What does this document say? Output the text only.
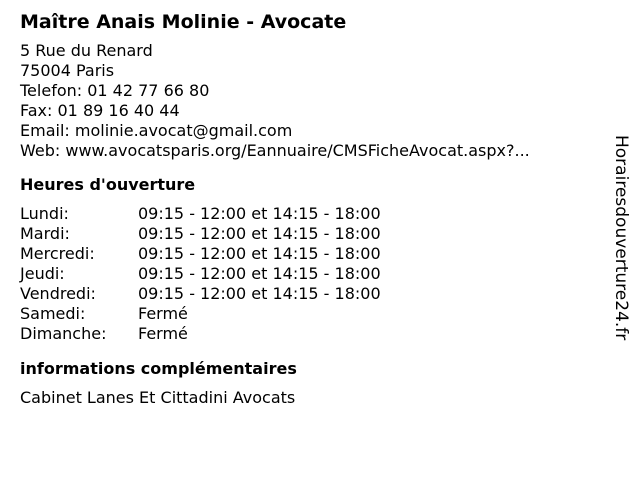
Maître Anais Molinie - Avocate
5 Rue du Renard
75004 Paris
Telefon: 01 42 77 66 80
Fax: 01 89 16 40 44
Email: molinie.avocat@gmail.com
Web: www.avocatsparis.org/Eannuaire/CMSFicheAvocat.aspx?...
Heures d'ouverture
Lundi:	09:15 - 12:00 et 14:15 - 18:00
Mardi:	09:15 - 12:00 et 14:15 - 18:00
Mercredi:	09:15 - 12:00 et 14:15 - 18:00
Jeudi:	09:15 - 12:00 et 14:15 - 18:00
Vendredi:	09:15 - 12:00 et 14:15 - 18:00
Samedi:	Fermé
Dimanche:	Fermé
informations complémentaires
Cabinet Lanes Et Cittadini Avocats
Horairesdouverture24.fr
